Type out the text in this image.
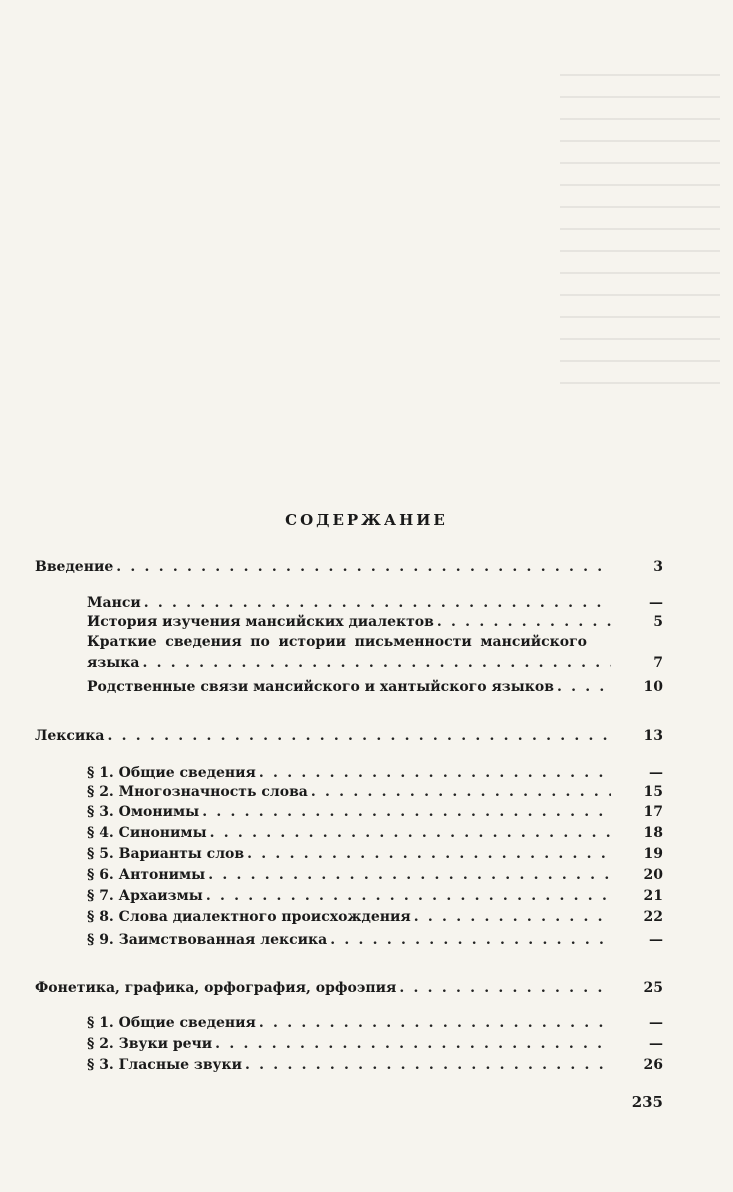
СОДЕРЖАНИЕ
Введение . . .	3
Манси . . .	—
История изучения мансийских диалектов . . .	5
Краткие сведения по истории письменности мансийского
языка . . .	7
Родственные связи мансийского и хантыйского языков . . .	10
Лексика . . .	13
§ 1. Общие сведения . . .	—
§ 2. Многозначность слова . . .	15
§ 3. Омонимы . . .	17
§ 4. Синонимы . . .	18
§ 5. Варианты слов . . .	19
§ 6. Антонимы . . .	20
§ 7. Архаизмы . . .	21
§ 8. Слова диалектного происхождения . . .	22
§ 9. Заимствованная лексика . . .	—
Фонетика, графика, орфография, орфоэпия . . .	25
§ 1. Общие сведения . . .	—
§ 2. Звуки речи . . .	—
§ 3. Гласные звуки . . .	26
235
